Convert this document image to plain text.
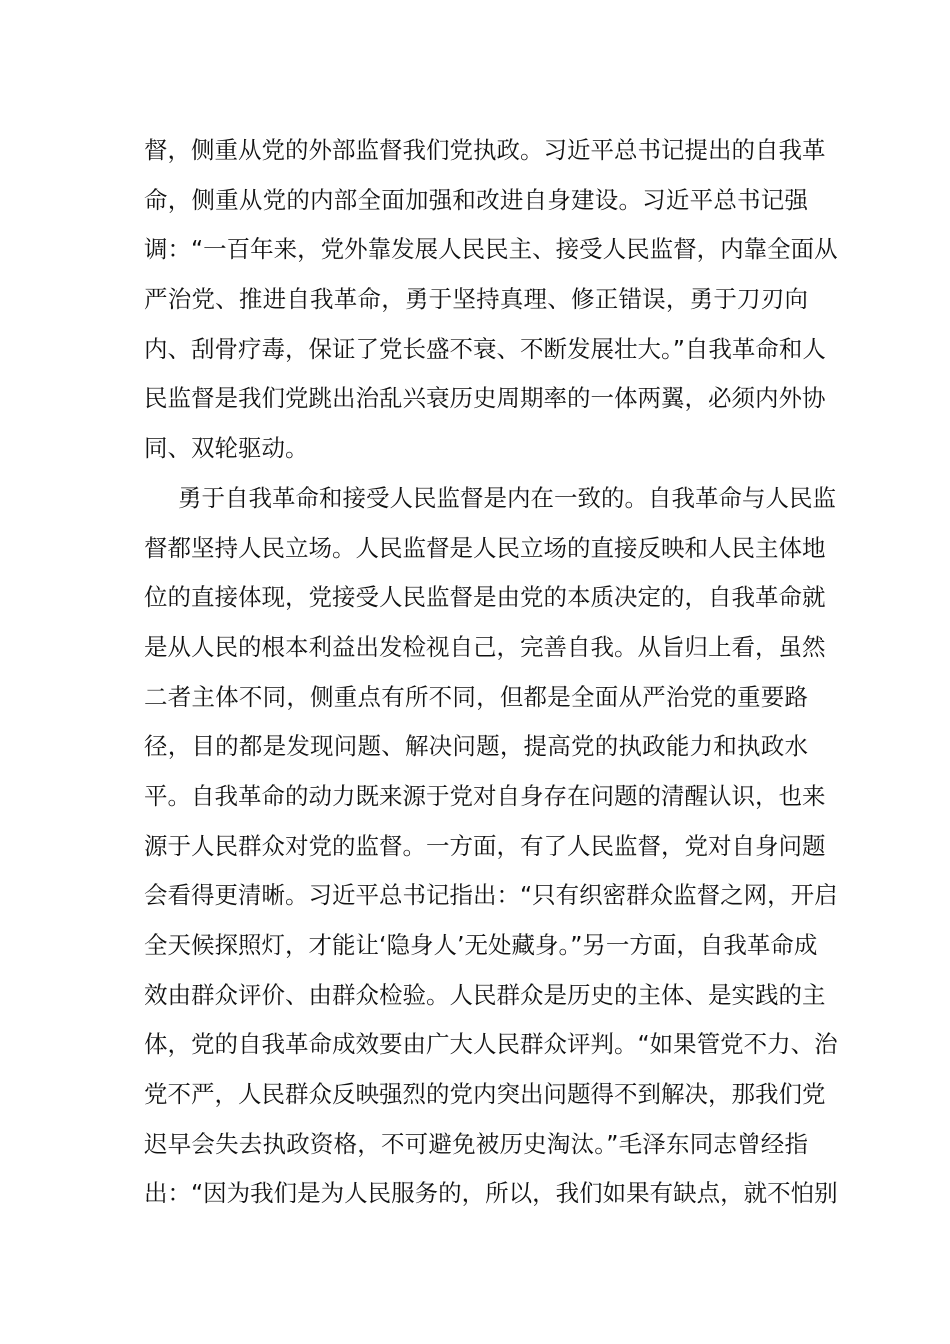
督，侧重从党的外部监督我们党执政。习近平总书记提出的自我革
命，侧重从党的内部全面加强和改进自身建设。习近平总书记强
调：“一百年来，党外靠发展人民民主、接受人民监督，内靠全面从
严治党、推进自我革命，勇于坚持真理、修正错误，勇于刀刃向
内、刮骨疗毒，保证了党长盛不衰、不断发展壮大。”自我革命和人
民监督是我们党跳出治乱兴衰历史周期率的一体两翼，必须内外协
同、双轮驱动。
勇于自我革命和接受人民监督是内在一致的。自我革命与人民监
督都坚持人民立场。人民监督是人民立场的直接反映和人民主体地
位的直接体现，党接受人民监督是由党的本质决定的，自我革命就
是从人民的根本利益出发检视自己，完善自我。从旨归上看，虽然
二者主体不同，侧重点有所不同，但都是全面从严治党的重要路
径，目的都是发现问题、解决问题，提高党的执政能力和执政水
平。自我革命的动力既来源于党对自身存在问题的清醒认识，也来
源于人民群众对党的监督。一方面，有了人民监督，党对自身问题
会看得更清晰。习近平总书记指出：“只有织密群众监督之网，开启
全天候探照灯，才能让‘隐身人’无处藏身。”另一方面，自我革命成
效由群众评价、由群众检验。人民群众是历史的主体、是实践的主
体，党的自我革命成效要由广大人民群众评判。“如果管党不力、治
党不严，人民群众反映强烈的党内突出问题得不到解决，那我们党
迟早会失去执政资格，不可避免被历史淘汰。”毛泽东同志曾经指
出：“因为我们是为人民服务的，所以，我们如果有缺点，就不怕别
